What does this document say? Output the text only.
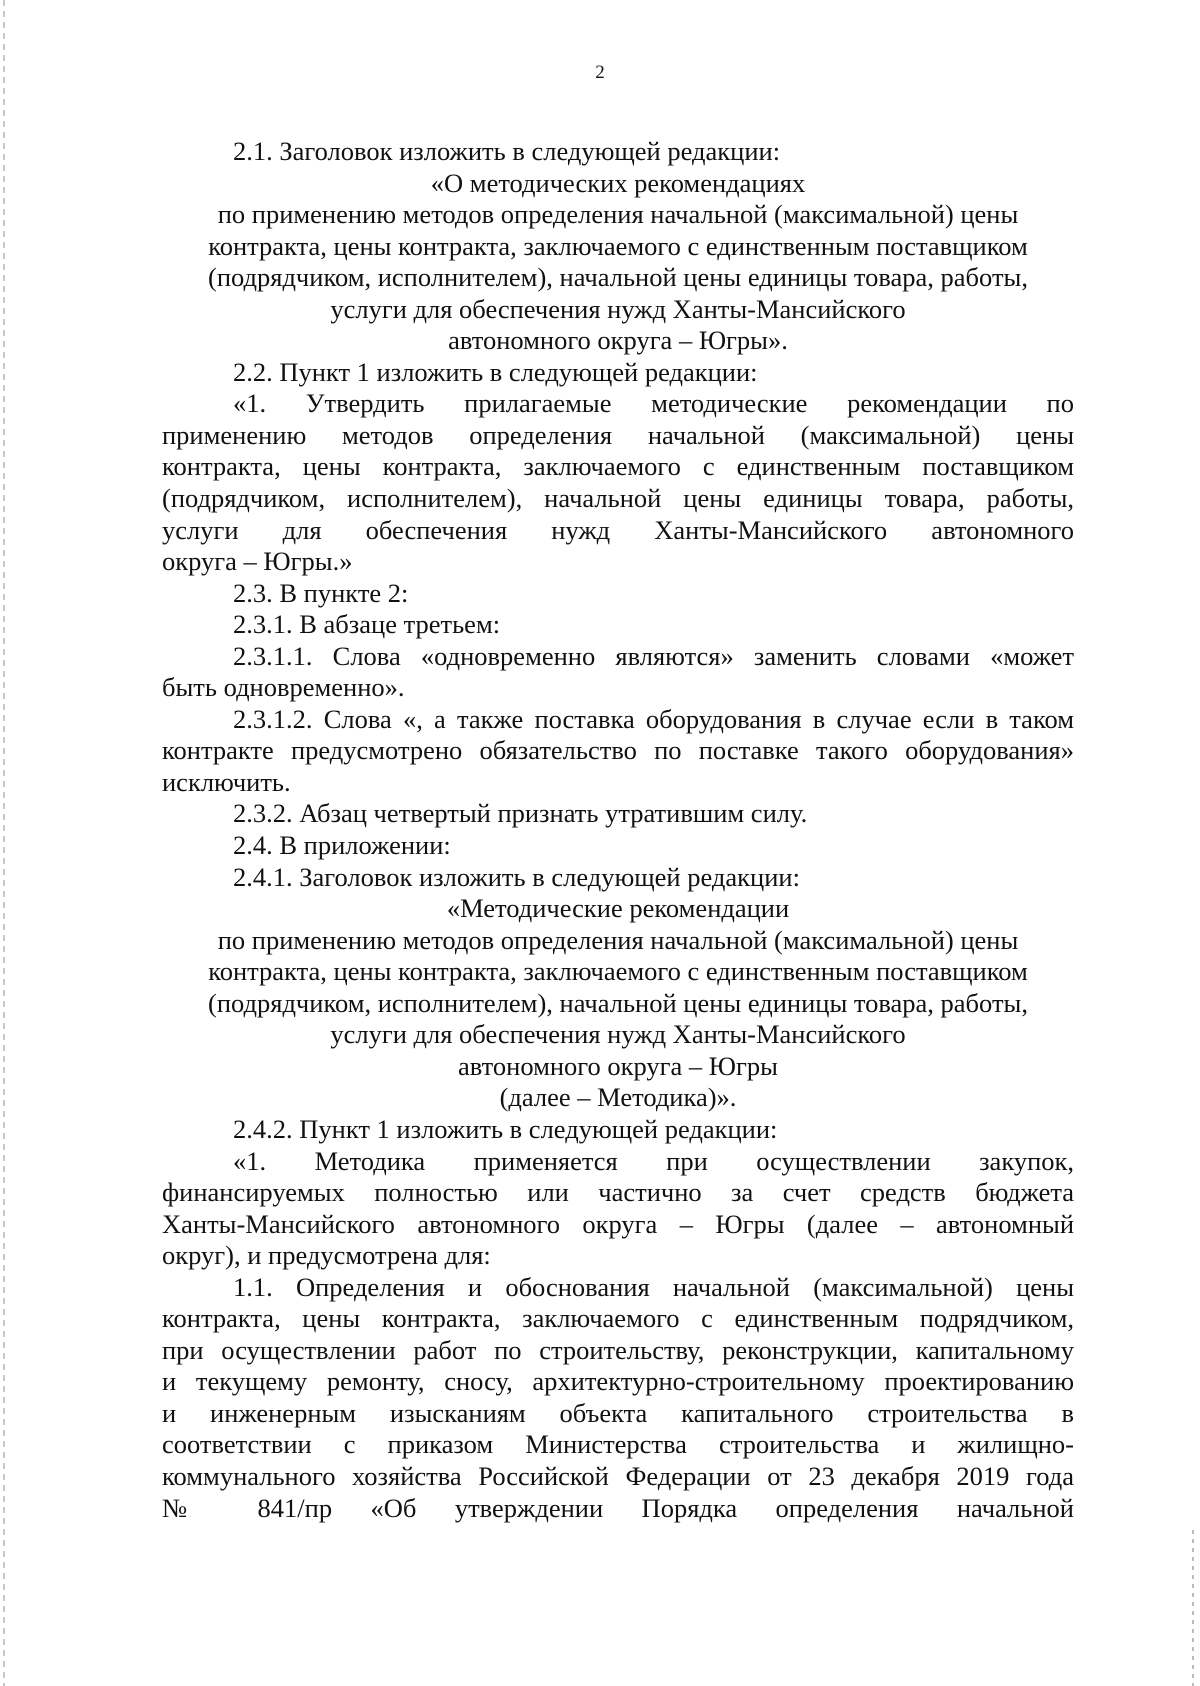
2
2.1. Заголовок изложить в следующей редакции:
«О методических рекомендациях
по применению методов определения начальной (максимальной) цены
контракта, цены контракта, заключаемого с единственным поставщиком
(подрядчиком, исполнителем), начальной цены единицы товара, работы,
услуги для обеспечения нужд Ханты-Мансийского
автономного округа – Югры».
2.2. Пункт 1 изложить в следующей редакции:
«1. Утвердить прилагаемые методические рекомендации по
применению методов определения начальной (максимальной) цены
контракта, цены контракта, заключаемого с единственным поставщиком
(подрядчиком, исполнителем), начальной цены единицы товара, работы,
услуги для обеспечения нужд Ханты-Мансийского автономного
округа – Югры.»
2.3. В пункте 2:
2.3.1. В абзаце третьем:
2.3.1.1. Слова «одновременно являются» заменить словами «может
быть одновременно».
2.3.1.2. Слова «, а также поставка оборудования в случае если в таком
контракте предусмотрено обязательство по поставке такого оборудования»
исключить.
2.3.2. Абзац четвертый признать утратившим силу.
2.4. В приложении:
2.4.1. Заголовок изложить в следующей редакции:
«Методические рекомендации
по применению методов определения начальной (максимальной) цены
контракта, цены контракта, заключаемого с единственным поставщиком
(подрядчиком, исполнителем), начальной цены единицы товара, работы,
услуги для обеспечения нужд Ханты-Мансийского
автономного округа – Югры
(далее – Методика)».
2.4.2. Пункт 1 изложить в следующей редакции:
«1. Методика применяется при осуществлении закупок,
финансируемых полностью или частично за счет средств бюджета
Ханты-Мансийского автономного округа – Югры (далее – автономный
округ), и предусмотрена для:
1.1. Определения и обоснования начальной (максимальной) цены
контракта, цены контракта, заключаемого с единственным подрядчиком,
при осуществлении работ по строительству, реконструкции, капитальному
и текущему ремонту, сносу, архитектурно-строительному проектированию
и инженерным изысканиям объекта капитального строительства в
соответствии с приказом Министерства строительства и жилищно-
коммунального хозяйства Российской Федерации от 23 декабря 2019 года
№ 841/пр «Об утверждении Порядка определения начальной
